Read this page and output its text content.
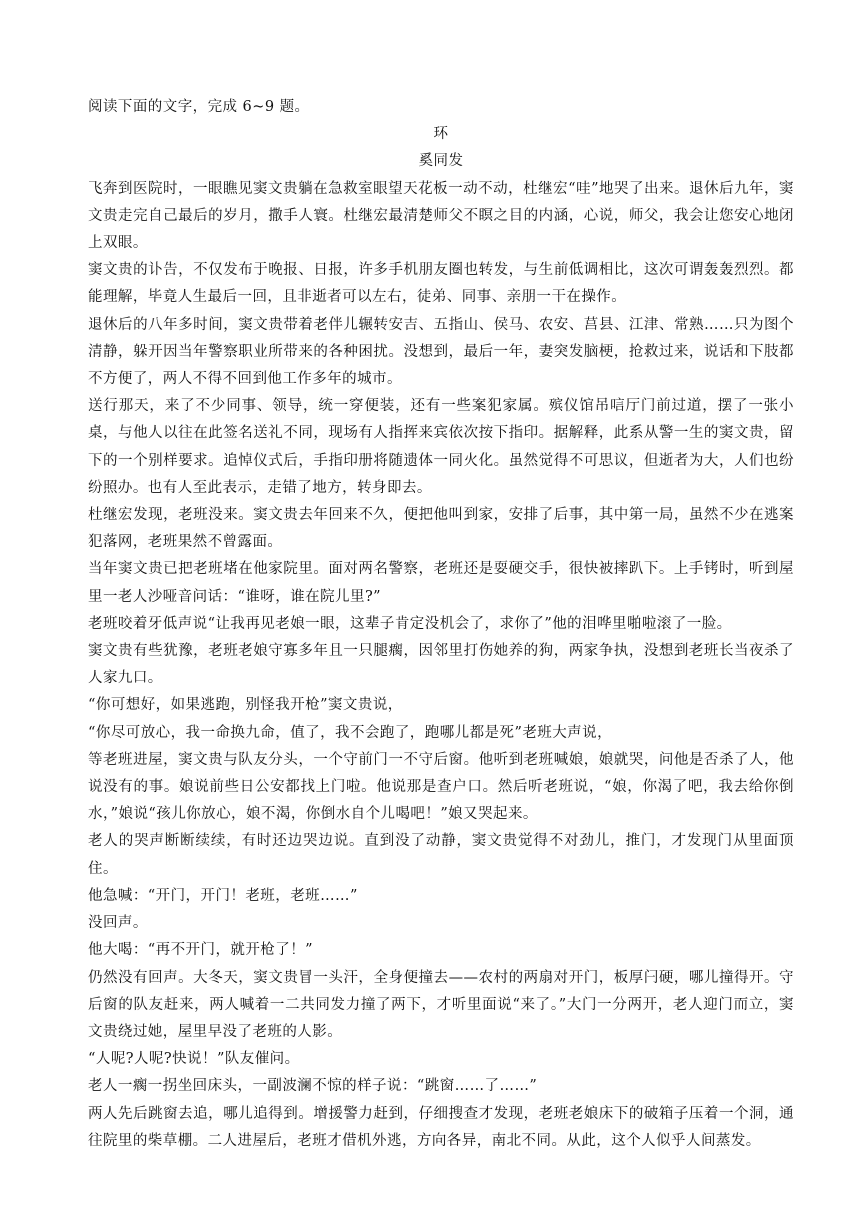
阅读下面的文字，完成 6~9 题。

环

奚同发

飞奔到医院时，一眼瞧见窦文贵躺在急救室眼望天花板一动不动，杜继宏“哇”地哭了出来。退休后九年，窦文贵走完自己最后的岁月，撒手人寰。杜继宏最清楚师父不瞑之目的内涵，心说，师父，我会让您安心地闭上双眼。

窦文贵的讣告，不仅发布于晚报、日报，许多手机朋友圈也转发，与生前低调相比，这次可谓轰轰烈烈。都能理解，毕竟人生最后一回，且非逝者可以左右，徒弟、同事、亲朋一干在操作。

退休后的八年多时间，窦文贵带着老伴儿辗转安吉、五指山、侯马、农安、莒县、江津、常熟……只为图个清静，躲开因当年警察职业所带来的各种困扰。没想到，最后一年，妻突发脑梗，抢救过来，说话和下肢都不方便了，两人不得不回到他工作多年的城市。

送行那天，来了不少同事、领导，统一穿便装，还有一些案犯家属。殡仪馆吊唁厅门前过道，摆了一张小桌，与他人以往在此签名送礼不同，现场有人指挥来宾依次按下指印。据解释，此系从警一生的窦文贵，留下的一个别样要求。追悼仪式后，手指印册将随遗体一同火化。虽然觉得不可思议，但逝者为大，人们也纷纷照办。也有人至此表示，走错了地方，转身即去。

杜继宏发现，老班没来。窦文贵去年回来不久，便把他叫到家，安排了后事，其中第一局，虽然不少在逃案犯落网，老班果然不曾露面。

当年窦文贵已把老班堵在他家院里。面对两名警察，老班还是耍硬交手，很快被摔趴下。上手铐时，听到屋里一老人沙哑音问话：“谁呀，谁在院儿里?”

老班咬着牙低声说“让我再见老娘一眼，这辈子肯定没机会了，求你了”他的泪哗里啪啦滚了一脸。

窦文贵有些犹豫，老班老娘守寡多年且一只腿瘸，因邻里打伤她养的狗，两家争执，没想到老班长当夜杀了人家九口。

“你可想好，如果逃跑，别怪我开枪”窦文贵说，

“你尽可放心，我一命换九命，值了，我不会跑了，跑哪儿都是死”老班大声说，

等老班进屋，窦文贵与队友分头，一个守前门一不守后窗。他听到老班喊娘，娘就哭，问他是否杀了人，他说没有的事。娘说前些日公安都找上门啦。他说那是查户口。然后听老班说，“娘，你渴了吧，我去给你倒水，”娘说“孩儿你放心，娘不渴，你倒水自个儿喝吧！”娘又哭起来。

老人的哭声断断续续，有时还边哭边说。直到没了动静，窦文贵觉得不对劲儿，推门，才发现门从里面顶住。

他急喊：“开门，开门！老班，老班……”

没回声。

他大喝：“再不开门，就开枪了！”

仍然没有回声。大冬天，窦文贵冒一头汗，全身便撞去——农村的两扇对开门，板厚闩硬，哪儿撞得开。守后窗的队友赶来，两人喊着一二共同发力撞了两下，才听里面说“来了。”大门一分两开，老人迎门而立，窦文贵绕过她，屋里早没了老班的人影。

“人呢?人呢?快说！”队友催问。

老人一瘸一拐坐回床头，一副波澜不惊的样子说：“跳窗……了……”

两人先后跳窗去追，哪儿追得到。增援警力赶到，仔细搜查才发现，老班老娘床下的破箱子压着一个洞，通往院里的柴草棚。二人进屋后，老班才借机外逃，方向各异，南北不同。从此，这个人似乎人间蒸发。
